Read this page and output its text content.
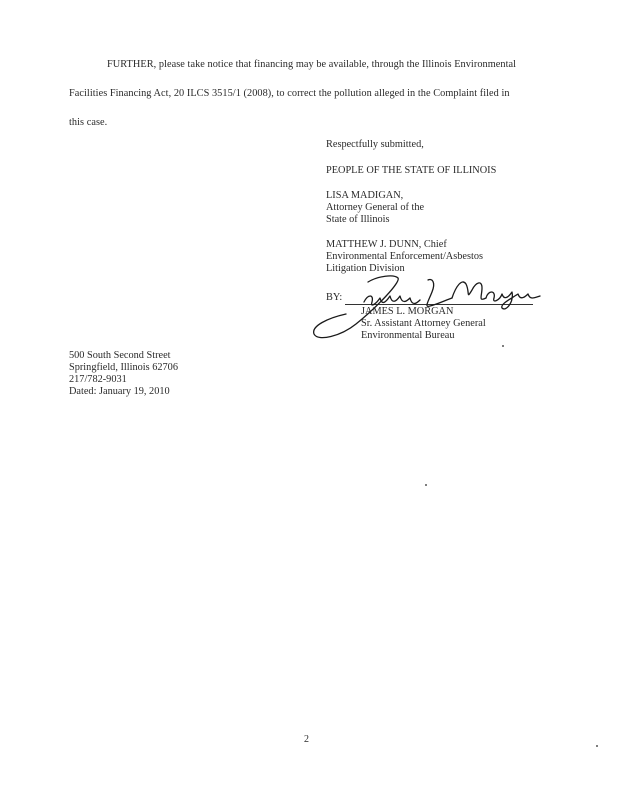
FURTHER, please take notice that financing may be available, through the Illinois Environmental
Facilities Financing Act, 20 ILCS 3515/1 (2008), to correct the pollution alleged in the Complaint filed in
this case.
Respectfully submitted,
PEOPLE OF THE STATE OF ILLINOIS
LISA MADIGAN,
Attorney General of the
State of Illinois
MATTHEW J. DUNN, Chief
Environmental Enforcement/Asbestos
Litigation Division
BY:
JAMES L. MORGAN
Sr. Assistant Attorney General
Environmental Bureau
500 South Second Street
Springfield, Illinois 62706
217/782-9031
Dated: January 19, 2010
2
